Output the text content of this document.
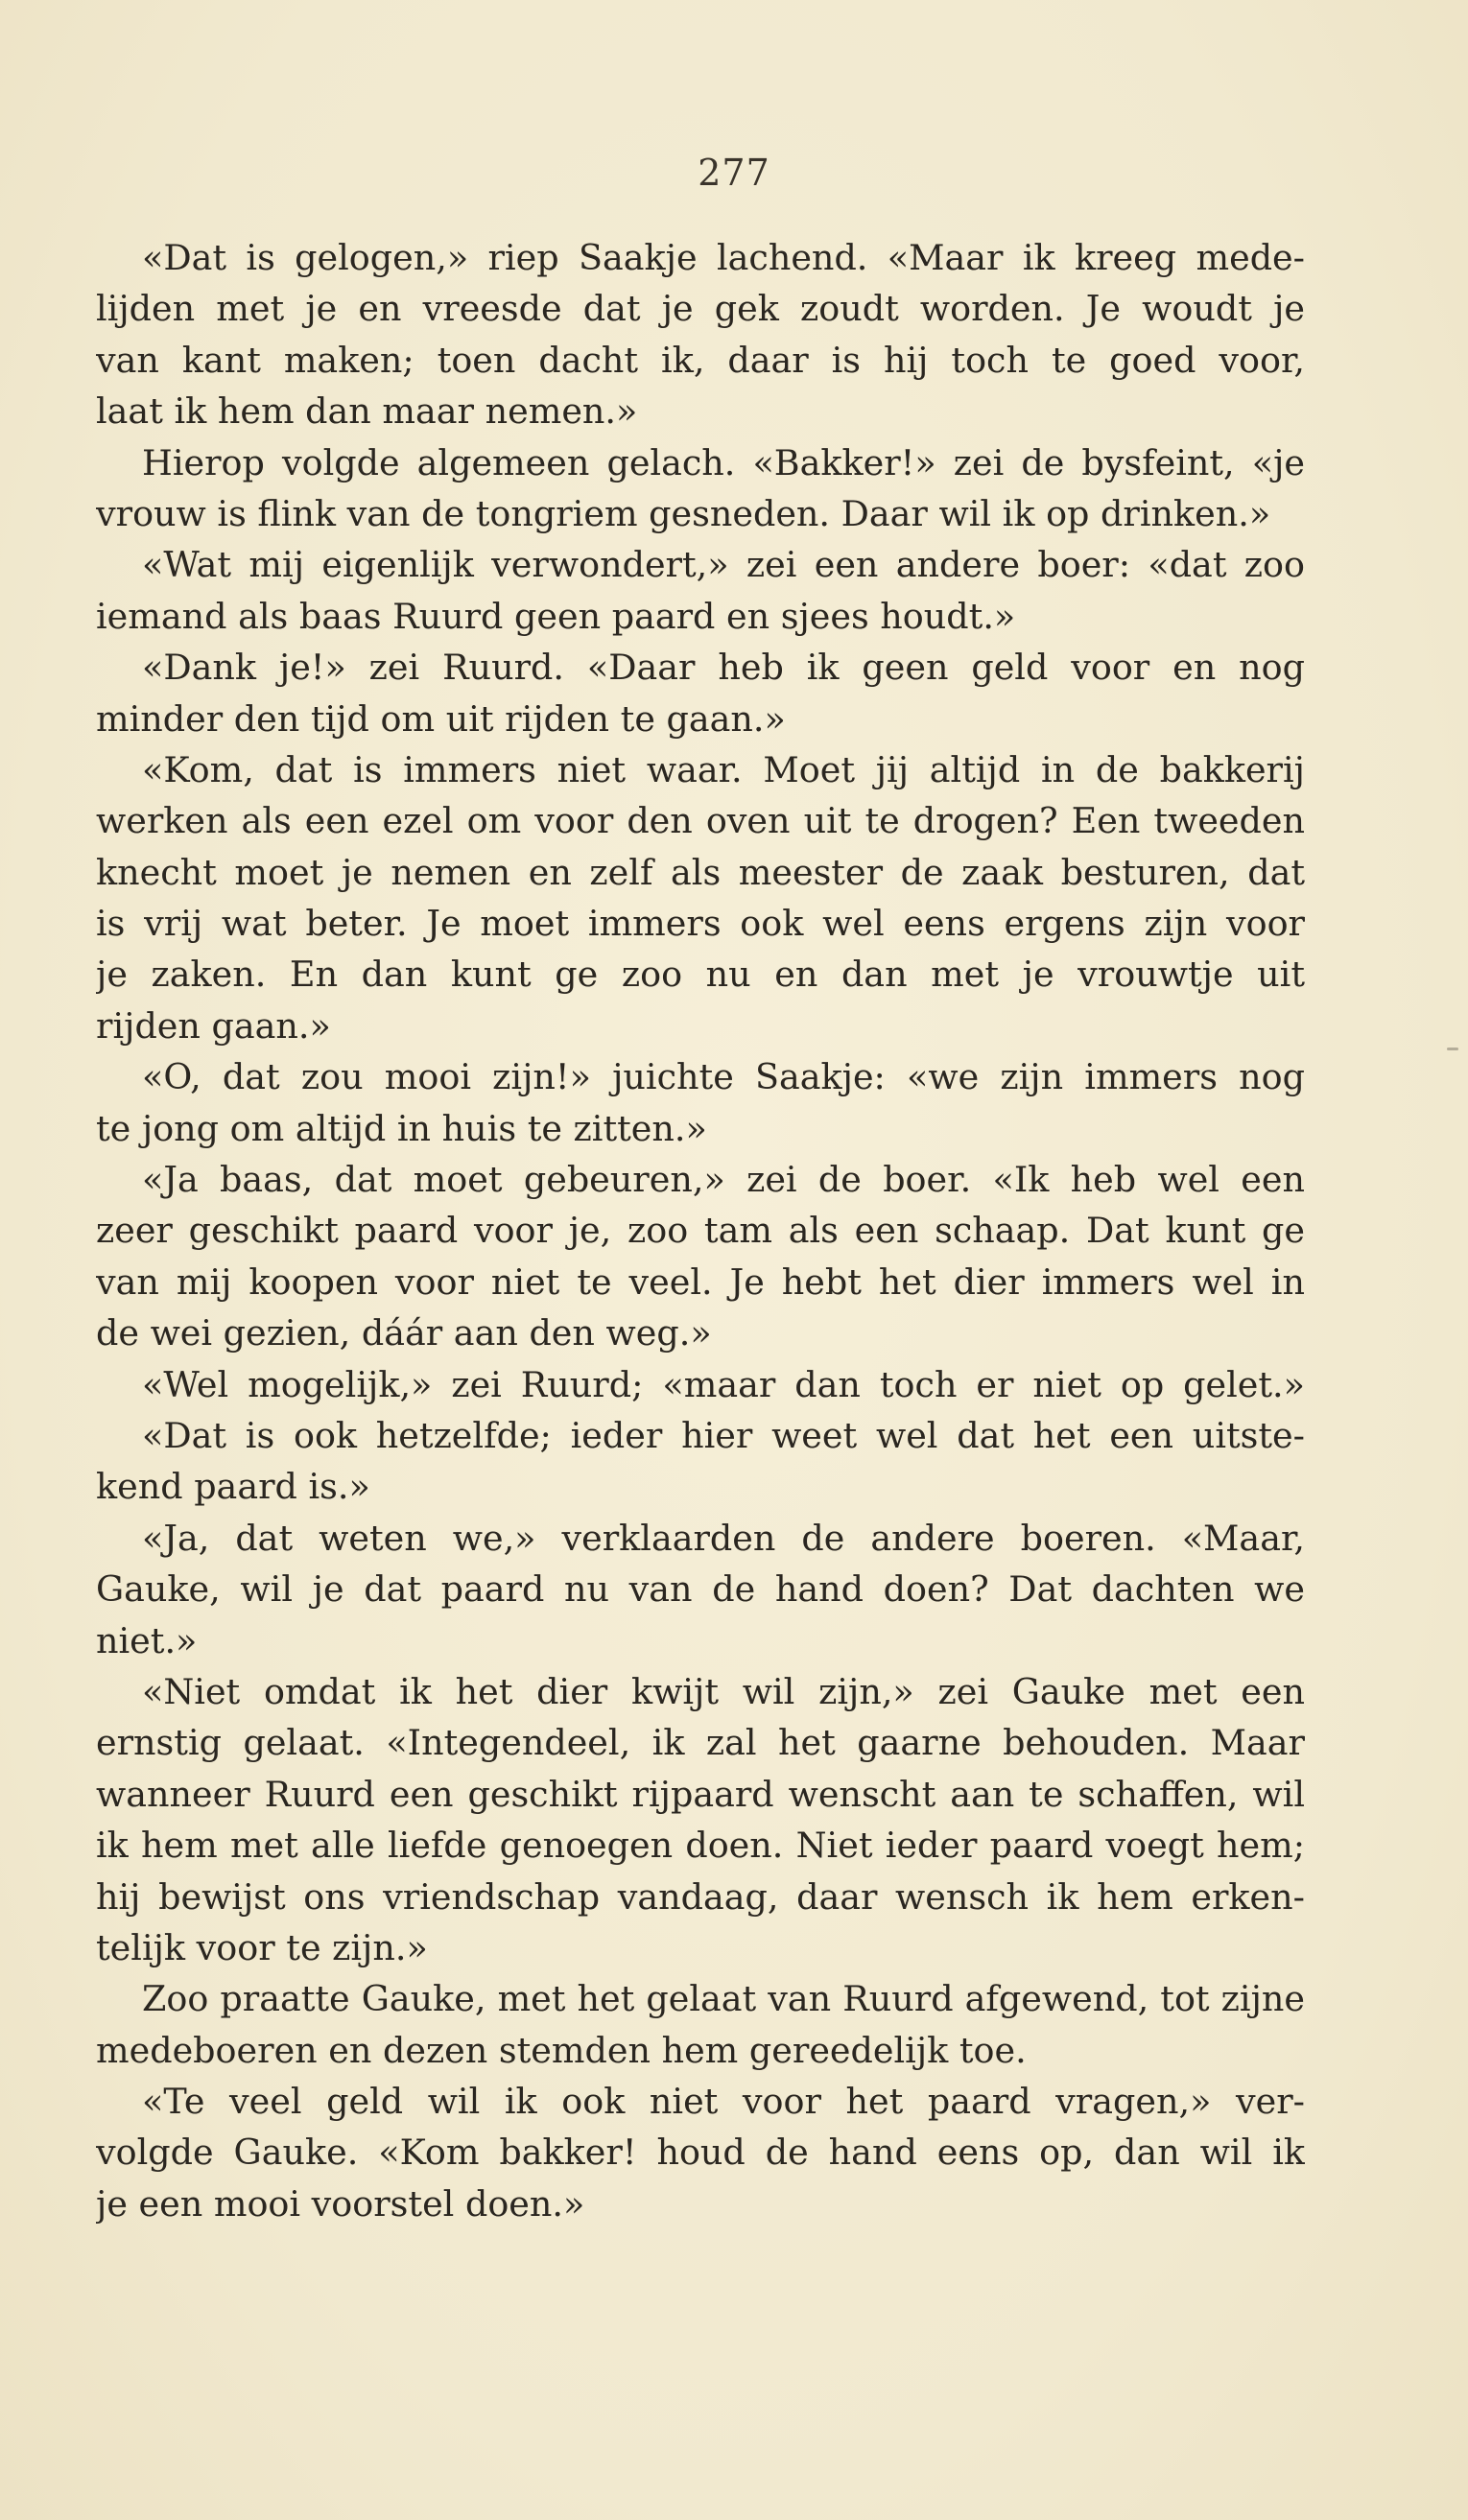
277
«Dat is gelogen,» riep Saakje lachend. «Maar ik kreeg mede-
lijden met je en vreesde dat je gek zoudt worden. Je woudt je
van kant maken; toen dacht ik, daar is hij toch te goed voor,
laat ik hem dan maar nemen.»
Hierop volgde algemeen gelach. «Bakker!» zei de bysfeint, «je
vrouw is flink van de tongriem gesneden. Daar wil ik op drinken.»
«Wat mij eigenlijk verwondert,» zei een andere boer: «dat zoo
iemand als baas Ruurd geen paard en sjees houdt.»
«Dank je!» zei Ruurd. «Daar heb ik geen geld voor en nog
minder den tijd om uit rijden te gaan.»
«Kom, dat is immers niet waar. Moet jij altijd in de bakkerij
werken als een ezel om voor den oven uit te drogen? Een tweeden
knecht moet je nemen en zelf als meester de zaak besturen, dat
is vrij wat beter. Je moet immers ook wel eens ergens zijn voor
je zaken. En dan kunt ge zoo nu en dan met je vrouwtje uit
rijden gaan.»
«O, dat zou mooi zijn!» juichte Saakje: «we zijn immers nog
te jong om altijd in huis te zitten.»
«Ja baas, dat moet gebeuren,» zei de boer. «Ik heb wel een
zeer geschikt paard voor je, zoo tam als een schaap. Dat kunt ge
van mij koopen voor niet te veel. Je hebt het dier immers wel in
de wei gezien, dáár aan den weg.»
«Wel mogelijk,» zei Ruurd; «maar dan toch er niet op gelet.»
«Dat is ook hetzelfde; ieder hier weet wel dat het een uitste-
kend paard is.»
«Ja, dat weten we,» verklaarden de andere boeren. «Maar,
Gauke, wil je dat paard nu van de hand doen? Dat dachten we
niet.»
«Niet omdat ik het dier kwijt wil zijn,» zei Gauke met een
ernstig gelaat. «Integendeel, ik zal het gaarne behouden. Maar
wanneer Ruurd een geschikt rijpaard wenscht aan te schaffen, wil
ik hem met alle liefde genoegen doen. Niet ieder paard voegt hem;
hij bewijst ons vriendschap vandaag, daar wensch ik hem erken-
telijk voor te zijn.»
Zoo praatte Gauke, met het gelaat van Ruurd afgewend, tot zijne
medeboeren en dezen stemden hem gereedelijk toe.
«Te veel geld wil ik ook niet voor het paard vragen,» ver-
volgde Gauke. «Kom bakker! houd de hand eens op, dan wil ik
je een mooi voorstel doen.»
